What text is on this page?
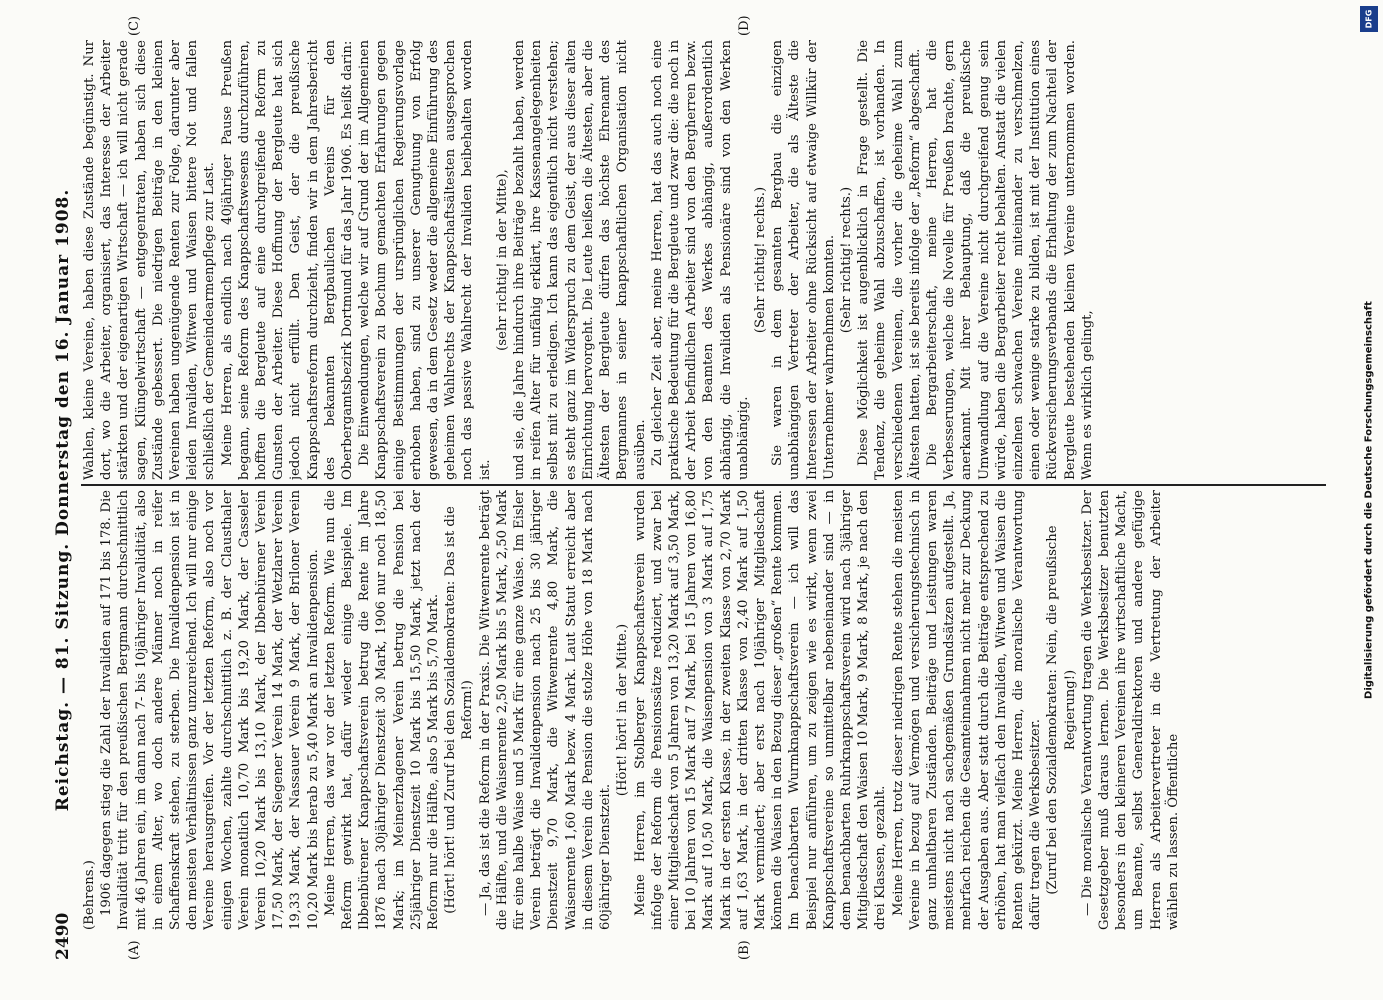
2490
Reichstag. — 81. Sitzung. Donnerstag den 16. Januar 1908.
(A)	(B)
(C)	(D)

(Behrens.) 1906 dagegen stieg die Zahl der Invaliden auf 171 bis 178. Die Invalidität tritt für den preußischen Bergmann durchschnittlich mit 46 Jahren ein, im dann nach 7- bis 10jähriger Invalidität, also in einem Alter, wo doch andere Männer noch in reifer Schaffenskraft stehen, zu sterben. Die Invalidenpension ist in den meisten Verhältnissen ganz unzureichend. Ich will nur einige Vereine herausgreifen. Vor der letzten Reform, also noch vor einigen Wochen, zahlte durchschnittlich z. B. der Clausthaler Verein monatlich 10,70 Mark bis 19,20 Mark, der Casseler Verein 10,20 Mark bis 13,10 Mark, der Ibbenbürener Verein 17,50 Mark, der Siegener Verein 14 Mark, der Wetzlarer Verein 19,33 Mark, der Nassauer Verein 9 Mark, der Briloner Verein 10,20 Mark bis herab zu 5,40 Mark an Invalidenpension. Meine Herren, das war vor der letzten Reform. Wie nun die Reform gewirkt hat, dafür wieder einige Beispiele. Im Ibbenbürener Knappschaftsverein betrug die Rente im Jahre 1876 nach 30jähriger Dienstzeit 30 Mark, 1906 nur noch 18,50 Mark; im Meinerzhagener Verein betrug die Pension bei 25jähriger Dienstzeit 10 Mark bis 15,50 Mark, jetzt nach der Reform nur die Hälfte, also 5 Mark bis 5,70 Mark. (Hört! hört! und Zuruf bei den Sozialdemokraten: Das ist die Reform!) — Ja, das ist die Reform in der Praxis. Die Witwenrente beträgt die Hälfte, und die Waisenrente 2,50 Mark bis 5 Mark, 2,50 Mark für eine halbe Waise und 5 Mark für eine ganze Waise. Im Eisler Verein beträgt die Invalidenpension nach 25 bis 30 jähriger Dienstzeit 9,70 Mark, die Witwenrente 4,80 Mark, die Waisenrente 1,60 Mark bezw. 4 Mark. Laut Statut erreicht aber in diesem Verein die Pension die stolze Höhe von 18 Mark nach 60jähriger Dienstzeit.

(Hört! hört! in der Mitte.) Meine Herren, im Stolberger Knappschaftsverein wurden infolge der Reform die Pensionssätze reduziert, und zwar bei einer Mitgliedschaft von 5 Jahren von 13,20 Mark auf 3,50 Mark, bei 10 Jahren von 15 Mark auf 7 Mark, bei 15 Jahren von 16,80 Mark auf 10,50 Mark, die Waisenpension von 3 Mark auf 1,75 Mark in der ersten Klasse, in der zweiten Klasse von 2,70 Mark auf 1,63 Mark, in der dritten Klasse von 2,40 Mark auf 1,50 Mark vermindert; aber erst nach 10jähriger Mitgliedschaft können die Waisen in den Bezug dieser „großen“ Rente kommen. Im benachbarten Wurmknappschaftsverein — ich will das Beispiel nur anführen, um zu zeigen wie es wirkt, wenn zwei Knappschaftsvereine so unmittelbar nebeneinander sind — in dem benachbarten Ruhrknappschaftsverein wird nach 3jähriger Mitgliedschaft den Waisen 10 Mark, 9 Mark, 8 Mark, je nach den drei Klassen, gezahlt. Meine Herren, trotz dieser niedrigen Rente stehen die meisten Vereine in bezug auf Vermögen und versicherungstechnisch in ganz unhaltbaren Zuständen. Beiträge und Leistungen waren meistens nicht nach sachgemäßen Grundsätzen aufgestellt. Ja, mehrfach reichen die Gesamteinnahmen nicht mehr zur Deckung der Ausgaben aus. Aber statt durch die Beiträge entsprechend zu erhöhen, hat man vielfach den Invaliden, Witwen und Waisen die Renten gekürzt. Meine Herren, die moralische Verantwortung dafür tragen die Werksbesitzer. (Zuruf bei den Sozialdemokraten: Nein, die preußische Regierung!) — Die moralische Verantwortung tragen die Werksbesitzer. Der Gesetzgeber muß daraus lernen. Die Werksbesitzer benutzten besonders in den kleineren Vereinen ihre wirtschaftliche Macht, um Beamte, selbst Generaldirektoren und andere gefügige Herren als Arbeitervertreter in die Vertretung der Arbeiter wählen zu lassen. Öffentliche

Wahlen, kleine Vereine, haben diese Zustände begünstigt. Nur dort, wo die Arbeiter, organisiert, das Interesse der Arbeiter stärkten und der eigenartigen Wirtschaft — ich will nicht gerade sagen, Klüngelwirtschaft — entgegentraten, haben sich diese Zustände gebessert. Die niedrigen Beiträge in den kleinen Vereinen haben ungenügende Renten zur Folge, darunter aber leiden Invaliden, Witwen und Waisen bittere Not und fallen schließlich der Gemeindearmenpflege zur Last. Meine Herren, als endlich nach 40jähriger Pause Preußen begann, seine Reform des Knappschaftswesens durchzuführen, hofften die Bergleute auf eine durchgreifende Reform zu Gunsten der Arbeiter. Diese Hoffnung der Bergleute hat sich jedoch nicht erfüllt. Den Geist, der die preußische Knappschaftsreform durchzieht, finden wir in dem Jahresbericht des bekannten Bergbaulichen Vereins für den Oberbergamtsbezirk Dortmund für das Jahr 1906. Es heißt darin: Die Einwendungen, welche wir auf Grund der im Allgemeinen Knappschaftsverein zu Bochum gemachten Erfahrungen gegen einige Bestimmungen der ursprünglichen Regierungsvorlage erhoben haben, sind zu unserer Genugtuung von Erfolg gewesen, da in dem Gesetz weder die allgemeine Einführung des geheimen Wahlrechts der Knappschaftsältesten ausgesprochen noch das passive Wahlrecht der Invaliden beibehalten worden ist.

(sehr richtig! in der Mitte), und sie, die Jahre hindurch ihre Beiträge bezahlt haben, werden in reifen Alter für unfähig erklärt, ihre Kassenangelegenheiten selbst mit zu erledigen. Ich kann das eigentlich nicht verstehen; es steht ganz im Widerspruch zu dem Geist, der aus dieser alten Einrichtung hervorgeht. Die Leute heißen die Ältesten, aber die Ältesten der Bergleute dürfen das höchste Ehrenamt des Bergmannes in seiner knappschaftlichen Organisation nicht ausüben. Zu gleicher Zeit aber, meine Herren, hat das auch noch eine praktische Bedeutung für die Bergleute und zwar die: die noch in der Arbeit befindlichen Arbeiter sind von den Bergherren bezw. von den Beamten des Werkes abhängig, außerordentlich abhängig, die Invaliden als Pensionäre sind von den Werken unabhängig.

(Sehr richtig! rechts.) Sie waren in dem gesamten Bergbau die einzigen unabhängigen Vertreter der Arbeiter, die als Älteste die Interessen der Arbeiter ohne Rücksicht auf etwaige Willkür der Unternehmer wahrnehmen konnten. (Sehr richtig! rechts.) Diese Möglichkeit ist augenblicklich in Frage gestellt. Die Tendenz, die geheime Wahl abzuschaffen, ist vorhanden. In verschiedenen Vereinen, die vorher die geheime Wahl zum Ältesten hatten, ist sie bereits infolge der „Reform“ abgeschafft. Die Bergarbeiterschaft, meine Herren, hat die Verbesserungen, welche die Novelle für Preußen brachte, gern anerkannt. Mit ihrer Behauptung, daß die preußische Umwandlung auf die Vereine nicht durchgreifend genug sein würde, haben die Bergarbeiter recht behalten. Anstatt die vielen einzelnen schwachen Vereine miteinander zu verschmelzen, einen oder wenige starke zu bilden, ist mit der Institution eines Rückversicherungsverbands die Erhaltung der zum Nachteil der Bergleute bestehenden kleinen Vereine unternommen worden. Wenn es wirklich gelingt,

DFG
Digitalisierung gefördert durch die Deutsche Forschungsgemeinschaft
